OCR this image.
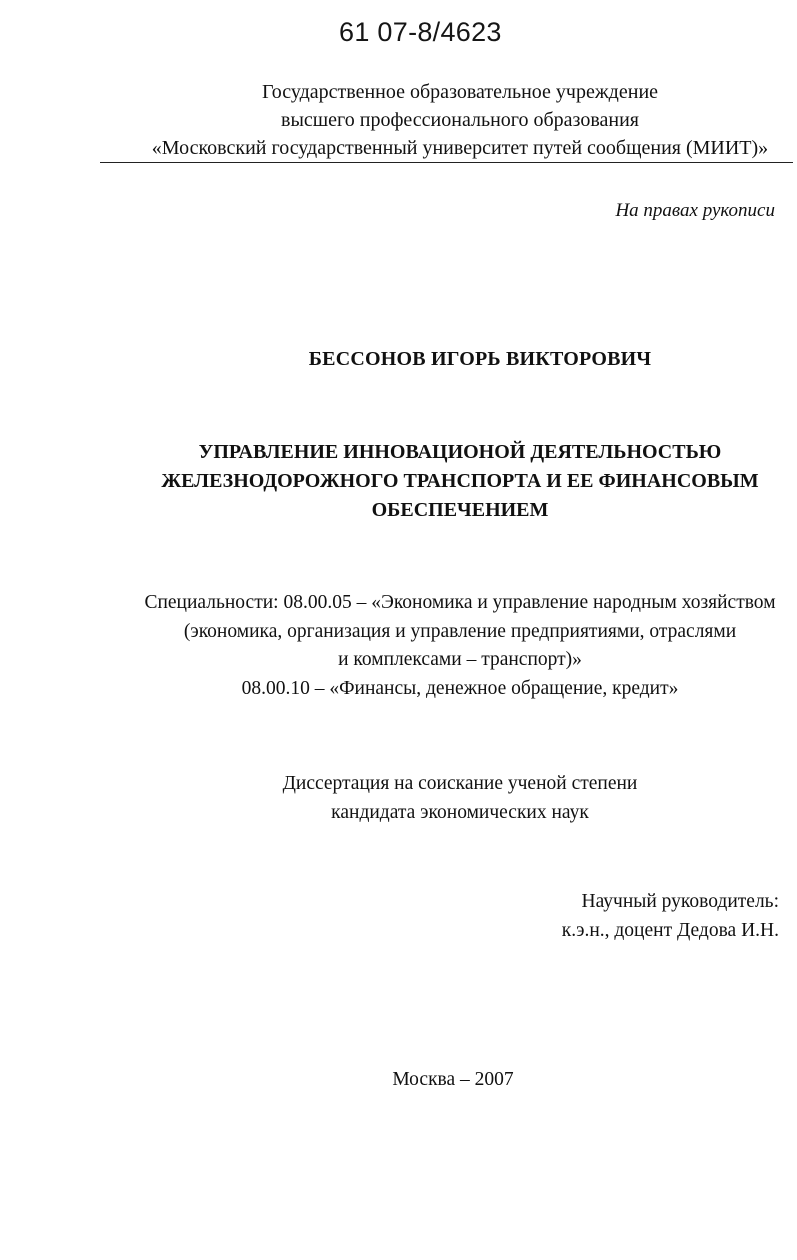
61 07-8/4623
Государственное образовательное учреждение
высшего профессионального образования
«Московский государственный университет путей сообщения (МИИТ)»
На правах рукописи
БЕССОНОВ ИГОРЬ ВИКТОРОВИЧ
УПРАВЛЕНИЕ ИННОВАЦИОНОЙ ДЕЯТЕЛЬНОСТЬЮ
ЖЕЛЕЗНОДОРОЖНОГО ТРАНСПОРТА И ЕЕ ФИНАНСОВЫМ
ОБЕСПЕЧЕНИЕМ
Специальности: 08.00.05 – «Экономика и управление народным хозяйством
(экономика, организация и управление предприятиями, отраслями
и комплексами – транспорт)»
08.00.10 – «Финансы, денежное обращение, кредит»
Диссертация на соискание ученой степени
кандидата экономических наук
Научный руководитель:
к.э.н., доцент Дедова И.Н.
Москва – 2007
